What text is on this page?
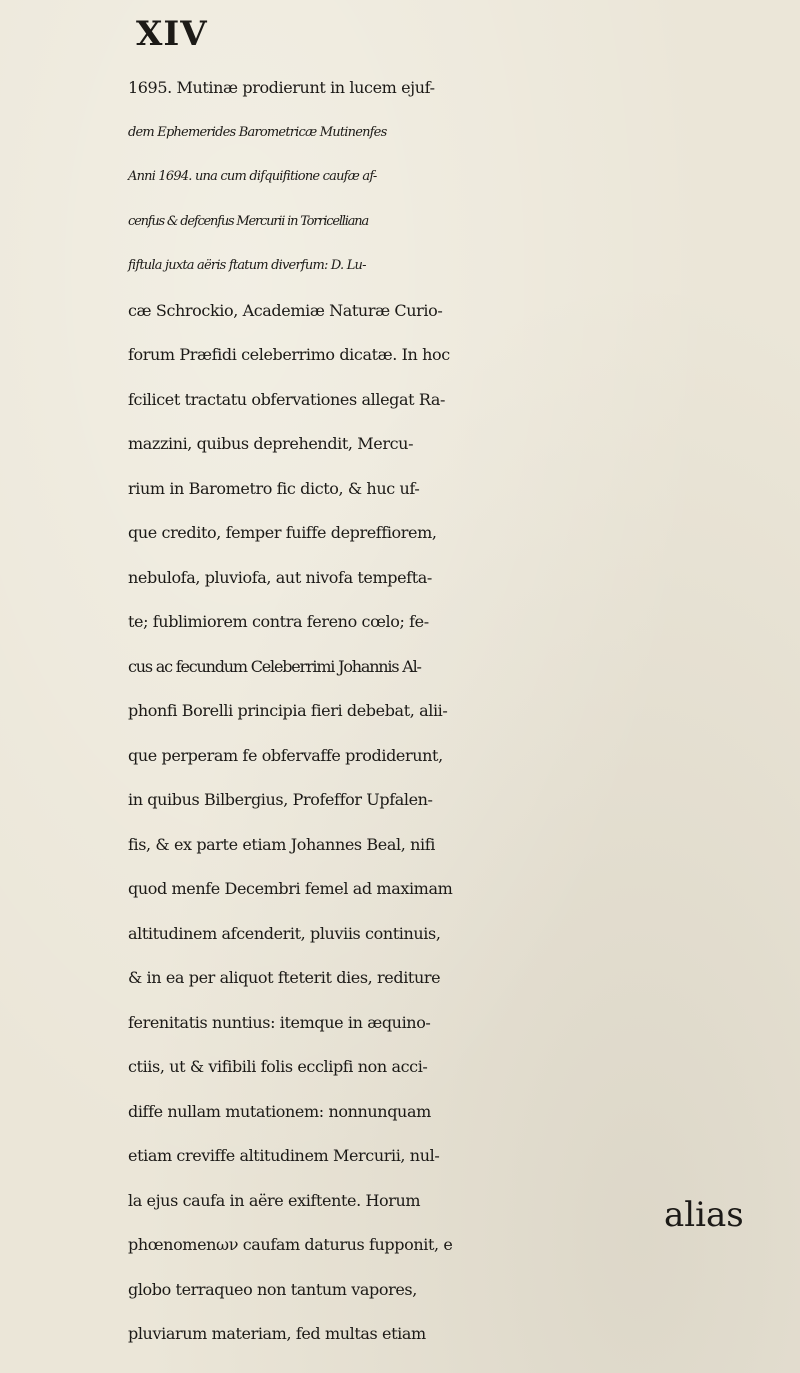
XIV
1695. Mutinæ prodierunt in lucem ejuf-
dem Ephemerides Barometricæ Mutinenfes
Anni 1694. una cum difquifitione caufæ af-
cenfus & defcenfus Mercurii in Torricelliana
fiftula juxta aëris ftatum diverfum: D. Lu-
cæ Schrockio, Academiæ Naturæ Curio-
forum Præfidi celeberrimo dicatæ. In hoc
fcilicet tractatu obfervationes allegat Ra-
mazzini, quibus deprehendit, Mercu-
rium in Barometro fic dicto, & huc uf-
que credito, femper fuiffe depreffiorem,
nebulofa, pluviofa, aut nivofa tempefta-
te; fublimiorem contra fereno cœlo; fe-
cus ac fecundum Celeberrimi Johannis Al-
phonfi Borelli principia fieri debebat, alii-
que perperam fe obfervaffe prodiderunt,
in quibus Bilbergius, Profeffor Upfalen-
fis, & ex parte etiam Johannes Beal, nifi
quod menfe Decembri femel ad maximam
altitudinem afcenderit, pluviis continuis,
& in ea per aliquot fteterit dies, rediture
ferenitatis nuntius: itemque in æquino-
ctiis, ut & vifibili folis ecclipfi non acci-
diffe nullam mutationem: nonnunquam
etiam creviffe altitudinem Mercurii, nul-
la ejus caufa in aëre exiftente. Horum
phœnomenων caufam daturus fupponit, e
globo terraqueo non tantum vapores,
pluviarum materiam, fed multas etiam
alias
